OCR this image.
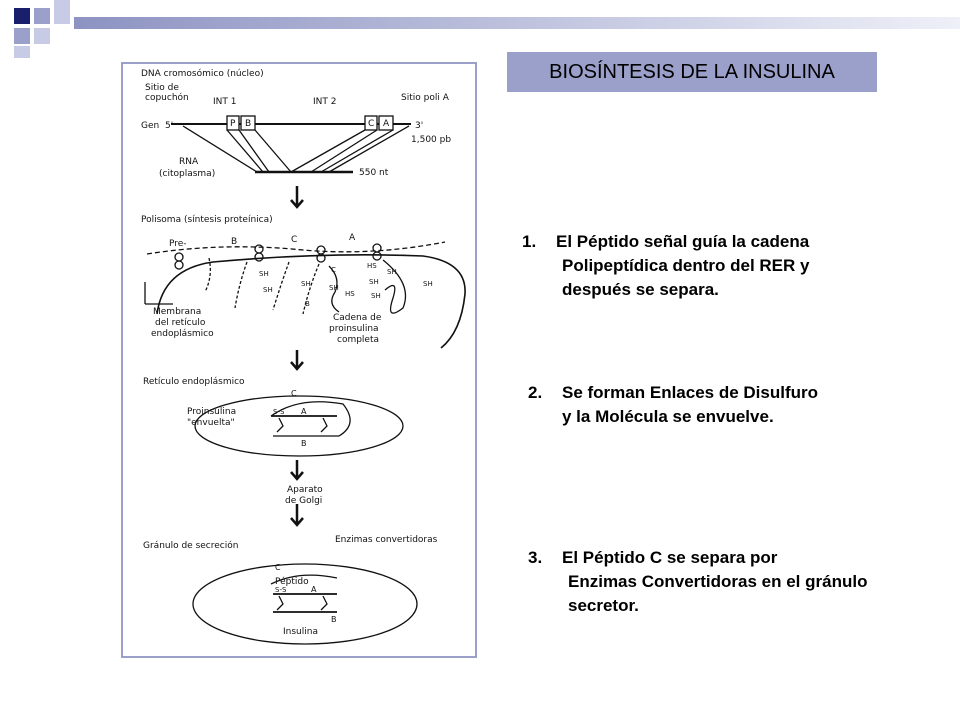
BIOSÍNTESIS DE LA INSULINA
DNA cromosómico (núcleo)
Sitio de
copuchón	INT 1	INT 2	Sitio poli A
Gen 5'	3'
P B	C A
1,500 pb
RNA
(citoplasma)	550 nt
Polisoma (síntesis proteínica)
Pre-	B	C	A
SH
SH
SH
C
SH
HS
SH
SH
HS SH
SH
B
Membrana
del retículo
endoplásmico
Cadena de
proinsulina
completa
Retículo endoplásmico
C
Proinsulina
"envuelta"
S-S A
B
Aparato
de Golgi
Gránulo de secreción
Enzimas convertidoras
C
Péptido
S-S	A
B
Insulina
1. El Péptido señal guía la cadena
Polipeptídica dentro del RER y
después se separa.
2. Se forman Enlaces de Disulfuro
y la Molécula se envuelve.
3. El Péptido C se separa por
Enzimas Convertidoras en el gránulo
secretor.
